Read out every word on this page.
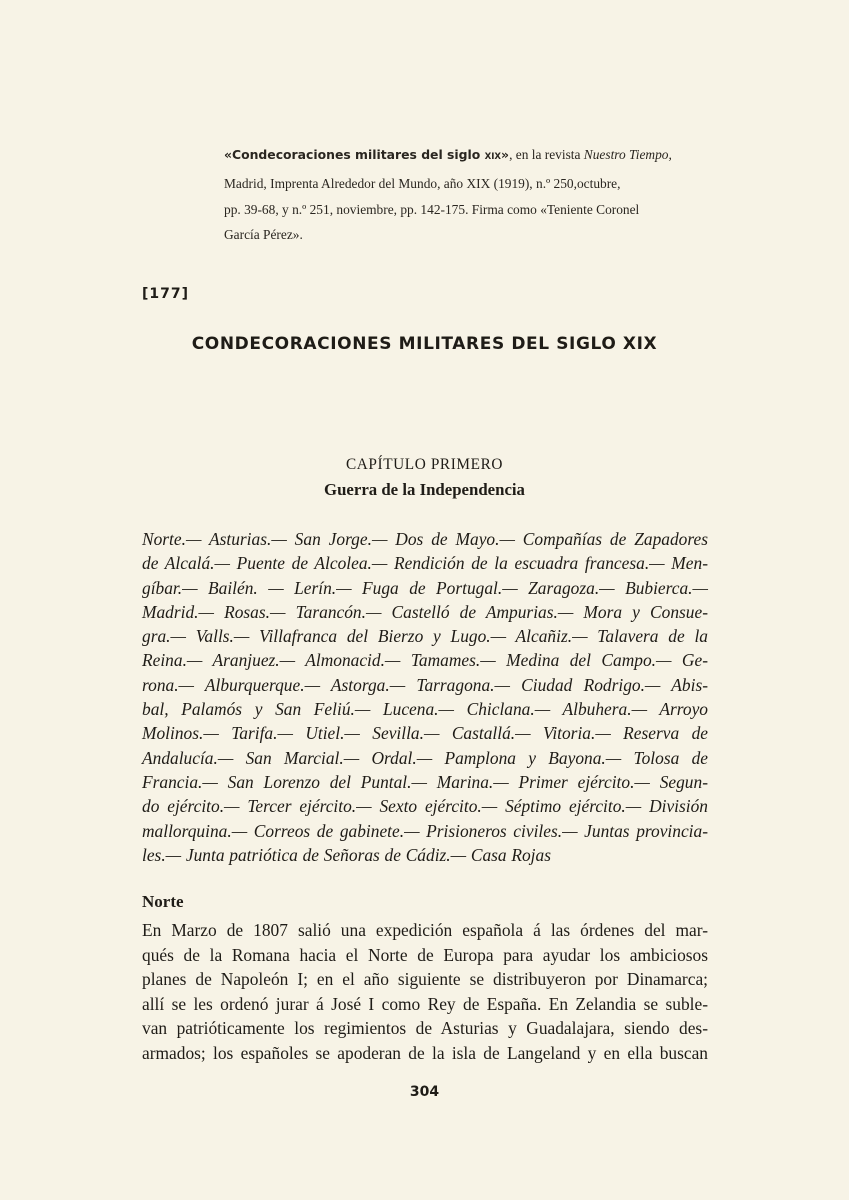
«Condecoraciones militares del siglo XIX», en la revista Nuestro Tiempo,
Madrid, Imprenta Alrededor del Mundo, año XIX (1919), n.º 250,octubre,
pp. 39-68, y n.º 251, noviembre, pp. 142-175. Firma como «Teniente Coronel
García Pérez».
[177]
CONDECORACIONES MILITARES DEL SIGLO XIX
CAPÍTULO PRIMERO
Guerra de la Independencia
Norte.— Asturias.— San Jorge.— Dos de Mayo.— Compañías de Zapadores
de Alcalá.— Puente de Alcolea.— Rendición de la escuadra francesa.— Men-
gíbar.— Bailén. — Lerín.— Fuga de Portugal.— Zaragoza.— Bubierca.—
Madrid.— Rosas.— Tarancón.— Castelló de Ampurias.— Mora y Consue-
gra.— Valls.— Villafranca del Bierzo y Lugo.— Alcañiz.— Talavera de la
Reina.— Aranjuez.— Almonacid.— Tamames.— Medina del Campo.— Ge-
rona.— Alburquerque.— Astorga.— Tarragona.— Ciudad Rodrigo.— Abis-
bal, Palamós y San Feliú.— Lucena.— Chiclana.— Albuhera.— Arroyo
Molinos.— Tarifa.— Utiel.— Sevilla.— Castallá.— Vitoria.— Reserva de
Andalucía.— San Marcial.— Ordal.— Pamplona y Bayona.— Tolosa de
Francia.— San Lorenzo del Puntal.— Marina.— Primer ejército.— Segun-
do ejército.— Tercer ejército.— Sexto ejército.— Séptimo ejército.— División
mallorquina.— Correos de gabinete.— Prisioneros civiles.— Juntas provincia-
les.— Junta patriótica de Señoras de Cádiz.— Casa Rojas
Norte
En Marzo de 1807 salió una expedición española á las órdenes del mar-
qués de la Romana hacia el Norte de Europa para ayudar los ambiciosos
planes de Napoleón I; en el año siguiente se distribuyeron por Dinamarca;
allí se les ordenó jurar á José I como Rey de España. En Zelandia se suble-
van patrióticamente los regimientos de Asturias y Guadalajara, siendo des-
armados; los españoles se apoderan de la isla de Langeland y en ella buscan
304
